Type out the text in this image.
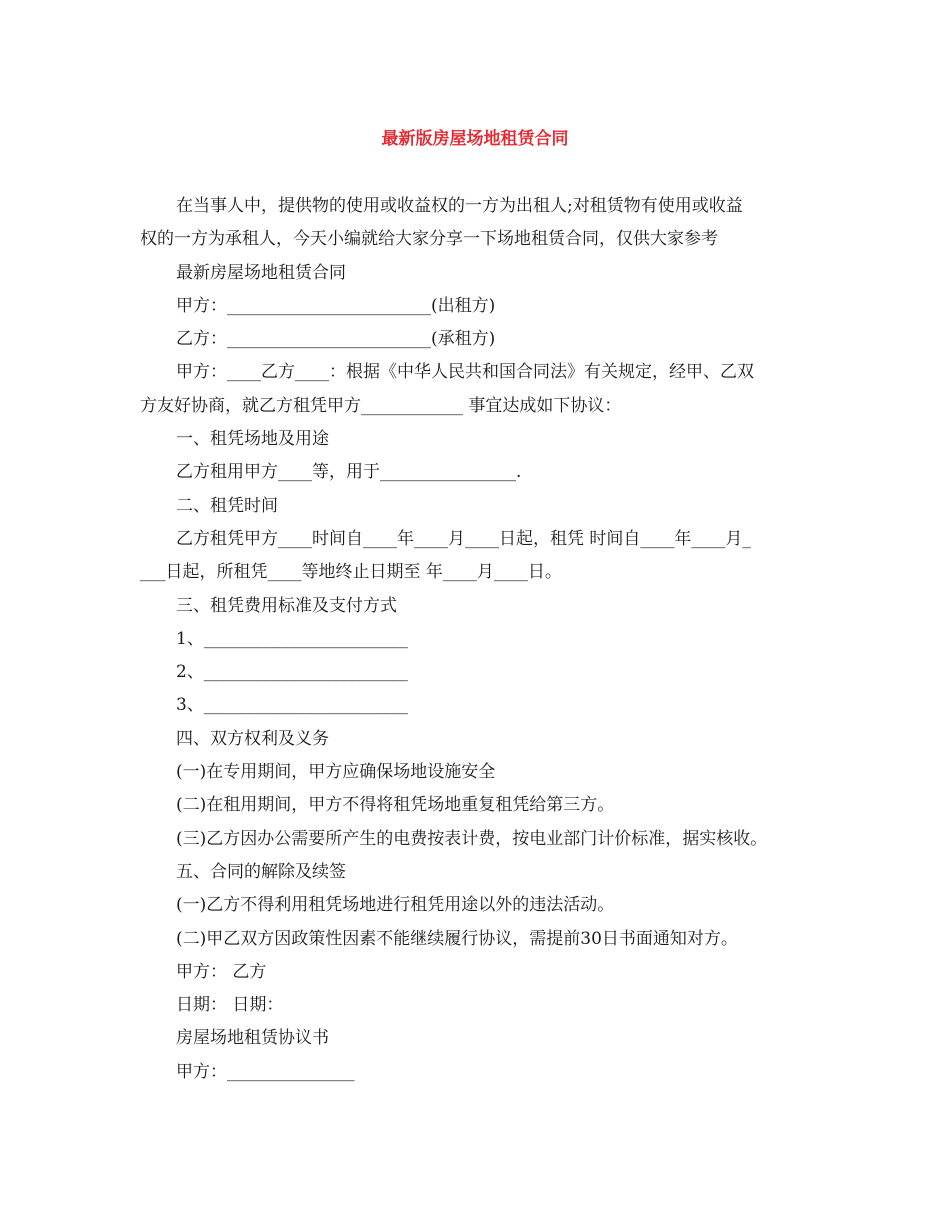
最新版房屋场地租赁合同
在当事人中，提供物的使用或收益权的一方为出租人;对租赁物有使用或收益
权的一方为承租人，今天小编就给大家分享一下场地租赁合同，仅供大家参考
最新房屋场地租赁合同
甲方：________________________(出租方)
乙方：________________________(承租方)
甲方：____乙方____：根据《中华人民共和国合同法》有关规定，经甲、乙双
方友好协商，就乙方租凭甲方____________ 事宜达成如下协议：
一、租凭场地及用途
乙方租用甲方____等，用于________________.
二、租凭时间
乙方租凭甲方____时间自____年____月____日起，租凭 时间自____年____月_
___日起，所租凭____等地终止日期至 年____月____日。
三、租凭费用标准及支付方式
1、________________________
2、________________________
3、________________________
四、双方权利及义务
(一)在专用期间，甲方应确保场地设施安全
(二)在租用期间，甲方不得将租凭场地重复租凭给第三方。
(三)乙方因办公需要所产生的电费按表计费，按电业部门计价标准，据实核收。
五、合同的解除及续签
(一)乙方不得利用租凭场地进行租凭用途以外的违法活动。
(二)甲乙双方因政策性因素不能继续履行协议，需提前30日书面通知对方。
甲方： 乙方
日期： 日期：
房屋场地租赁协议书
甲方：_______________
